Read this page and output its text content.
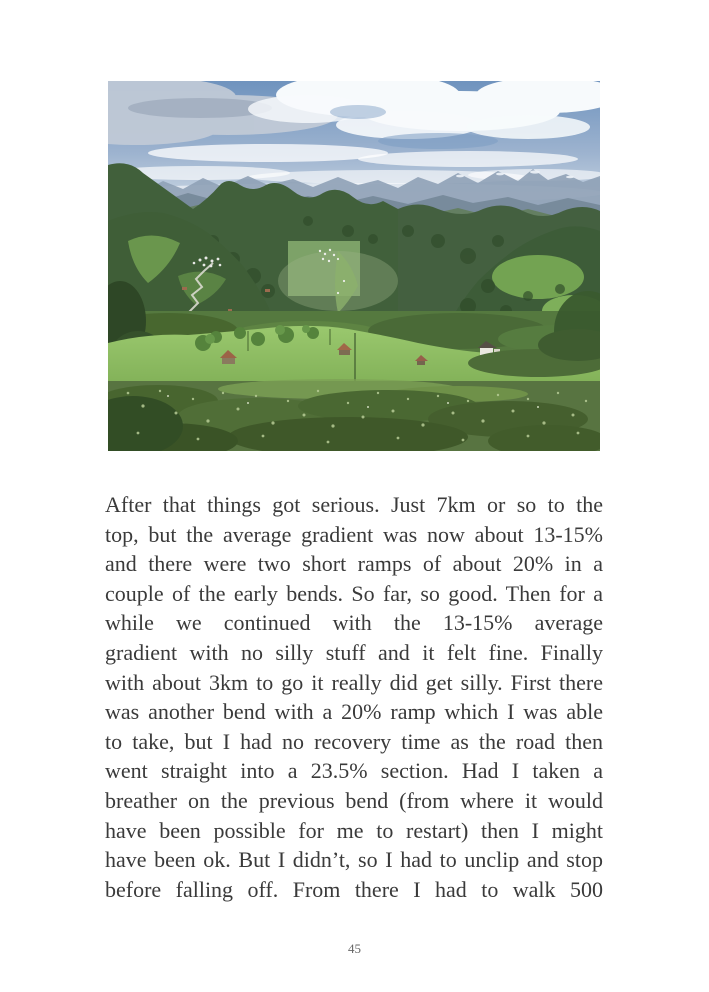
After that things got serious. Just 7km or so to the
top, but the average gradient was now about 13-15%
and there were two short ramps of about 20% in a
couple of the early bends. So far, so good. Then for a
while we continued with the 13-15% average
gradient with no silly stuff and it felt fine. Finally
with about 3km to go it really did get silly. First there
was another bend with a 20% ramp which I was able
to take, but I had no recovery time as the road then
went straight into a 23.5% section. Had I taken a
breather on the previous bend (from where it would
have been possible for me to restart) then I might
have been ok. But I didn’t, so I had to unclip and stop
before falling off. From there I had to walk 500
45
